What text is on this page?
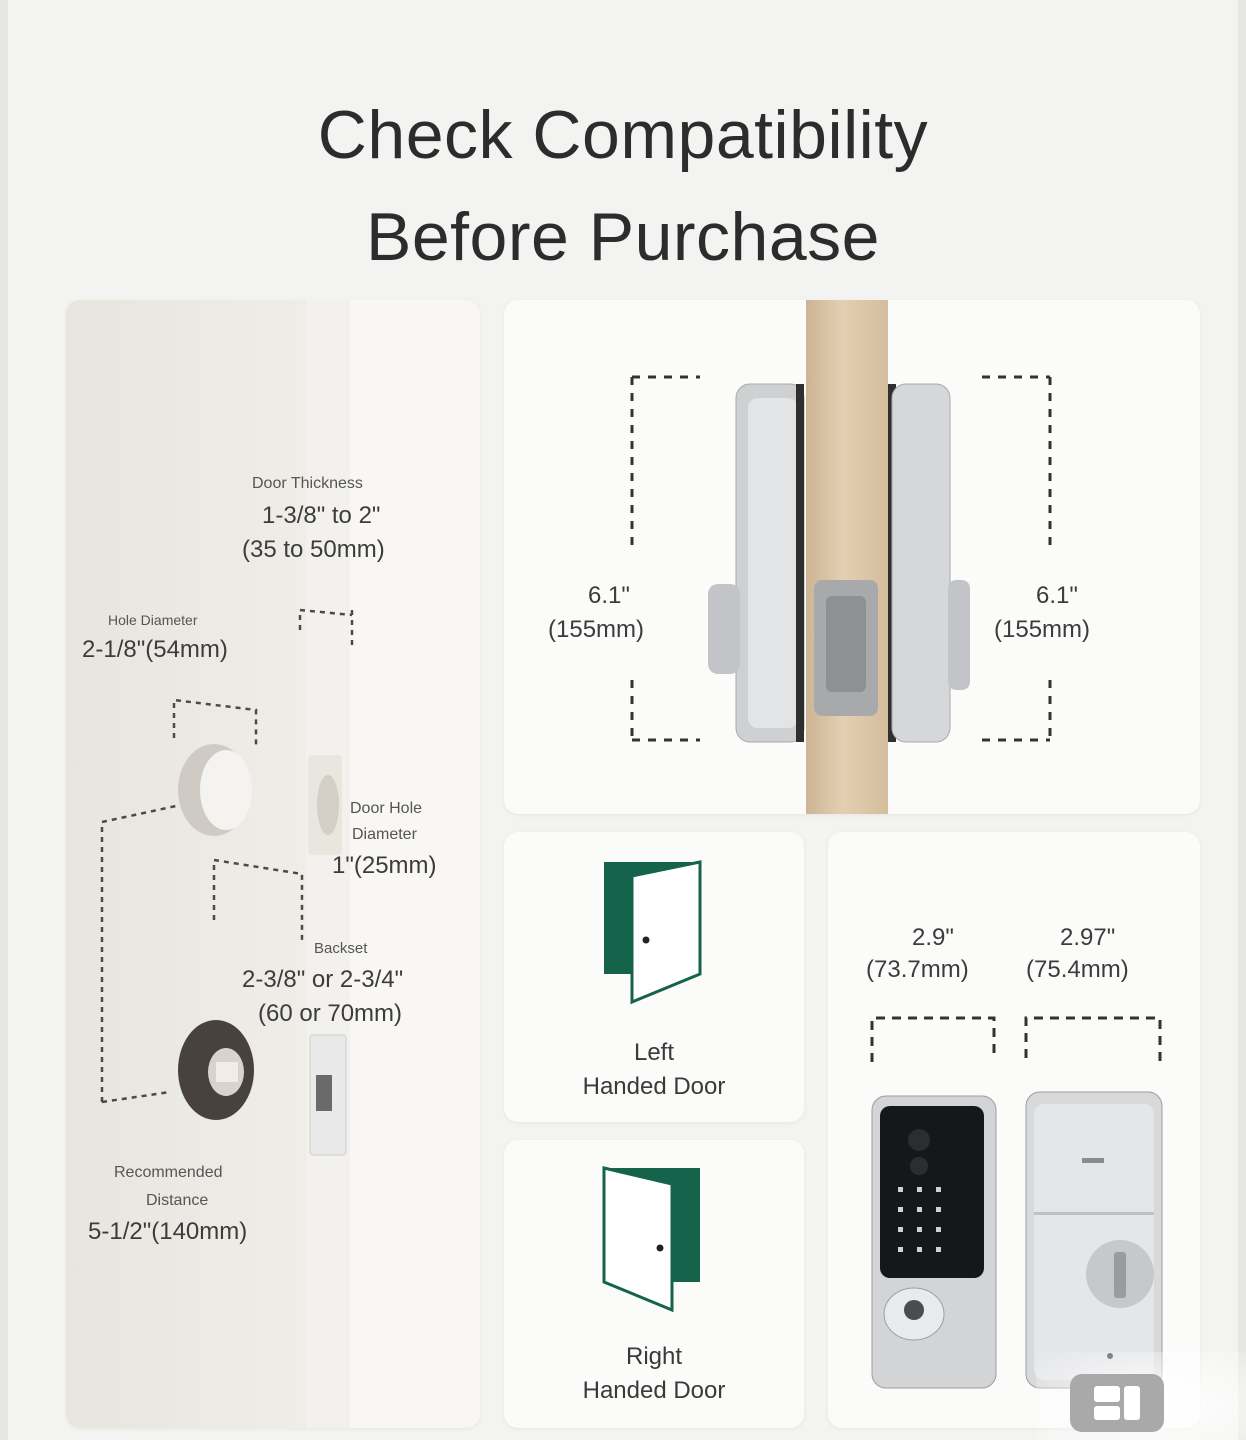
Check Compatibility
Before Purchase
Door Thickness
1-3/8" to 2"
(35 to 50mm)
Hole Diameter
2-1/8"(54mm)
Door Hole
Diameter
1"(25mm)
Backset
2-3/8" or 2-3/4"
(60 or 70mm)
Recommended
Distance
5-1/2"(140mm)
6.1"
(155mm)
6.1"
(155mm)
Left
Handed Door
Right
Handed Door
2.9"
(73.7mm)
2.97"
(75.4mm)
